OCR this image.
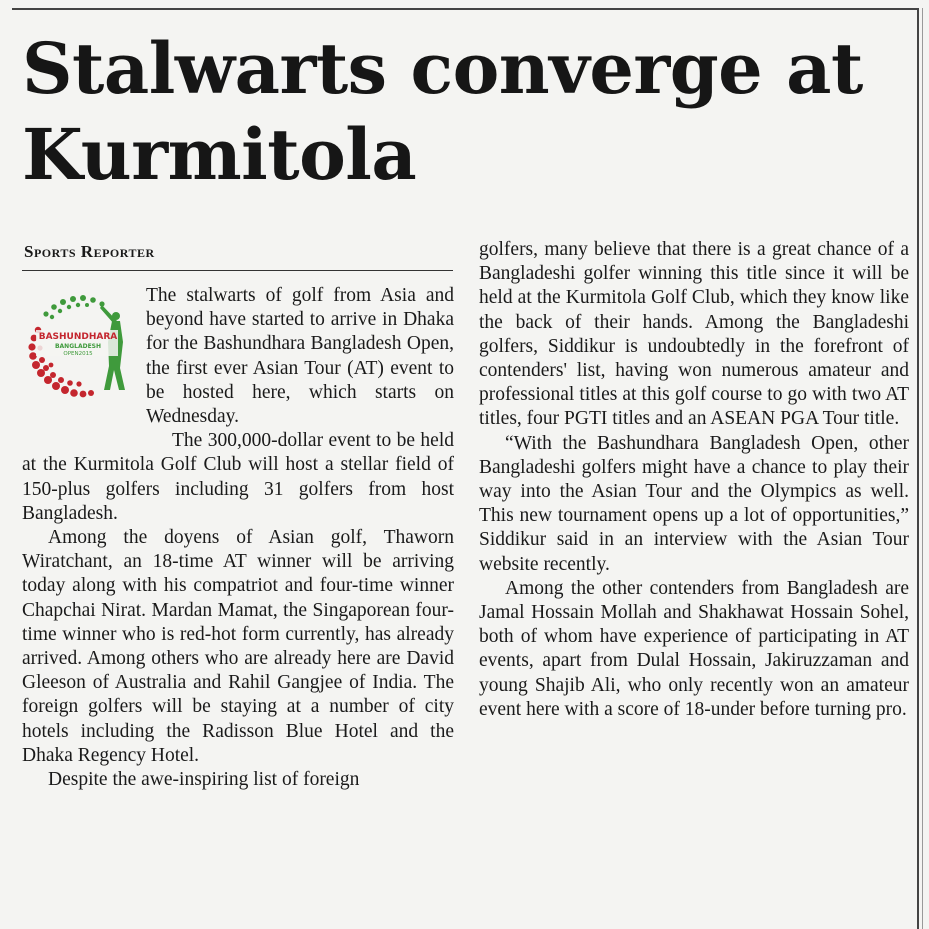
Stalwarts converge at Kurmitola
Sports Reporter
BASHUNDHARA
BANGLADESH
OPEN2015

The stalwarts of golf from Asia and beyond have started to arrive in Dhaka for the Bashundhara Bangladesh Open, the first ever Asian Tour (AT) event to be hosted here, which starts on Wednesday.

The 300,000-dollar event to be held at the Kurmitola Golf Club will host a stellar field of 150-plus golfers including 31 golfers from host Bangladesh.

Among the doyens of Asian golf, Thaworn Wiratchant, an 18-time AT winner will be arriving today along with his compatriot and four-time winner Chapchai Nirat. Mardan Mamat, the Singaporean four-time winner who is red-hot form currently, has already arrived. Among others who are already here are David Gleeson of Australia and Rahil Gangjee of India. The foreign golfers will be staying at a number of city hotels including the Radisson Blue Hotel and the Dhaka Regency Hotel.

Despite the awe-inspiring list of foreign

golfers, many believe that there is a great chance of a Bangladeshi golfer winning this title since it will be held at the Kurmitola Golf Club, which they know like the back of their hands. Among the Bangladeshi golfers, Siddikur is undoubtedly in the forefront of contenders' list, having won numerous amateur and professional titles at this golf course to go with two AT titles, four PGTI titles and an ASEAN PGA Tour title.

“With the Bashundhara Bangladesh Open, other Bangladeshi golfers might have a chance to play their way into the Asian Tour and the Olympics as well. This new tournament opens up a lot of opportunities,” Siddikur said in an interview with the Asian Tour website recently.

Among the other contenders from Bangladesh are Jamal Hossain Mollah and Shakhawat Hossain Sohel, both of whom have experience of participating in AT events, apart from Dulal Hossain, Jakiruzzaman and young Shajib Ali, who only recently won an amateur event here with a score of 18-under before turning pro.
